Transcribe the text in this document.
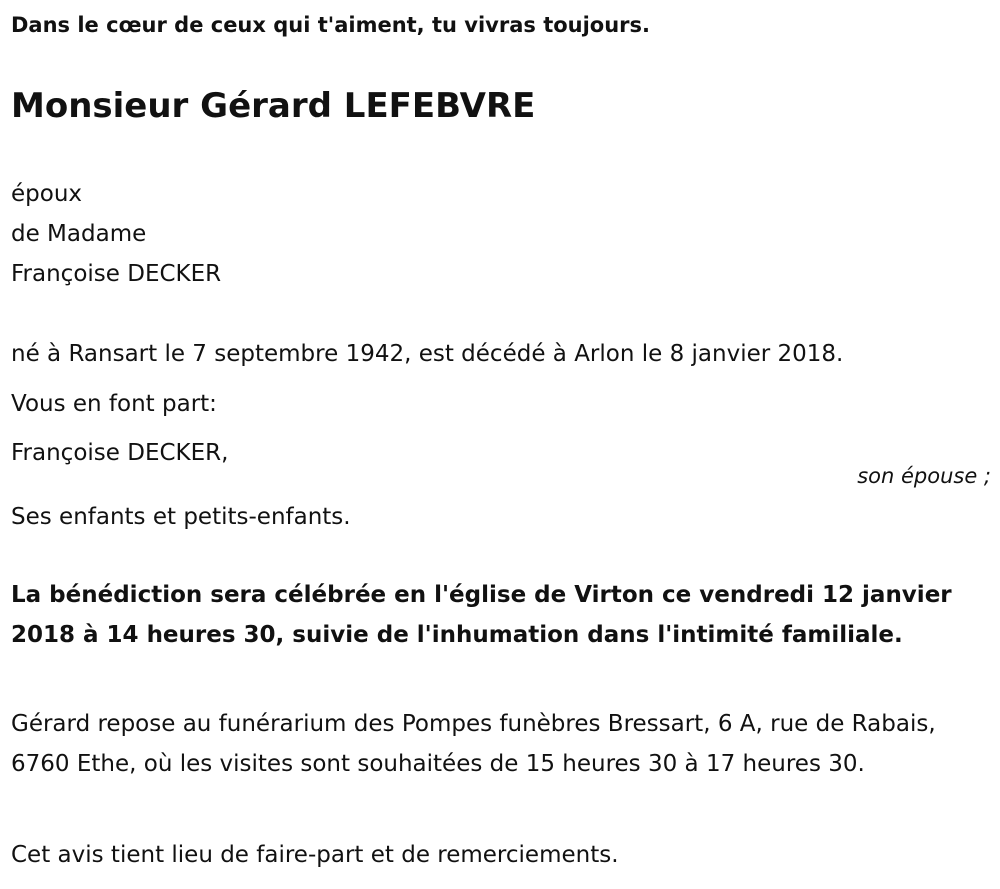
Dans le cœur de ceux qui t'aiment, tu vivras toujours.
Monsieur Gérard LEFEBVRE
époux
de Madame
Françoise DECKER
né à Ransart le 7 septembre 1942, est décédé à Arlon le 8 janvier 2018.
Vous en font part:
Françoise DECKER,
son épouse ;
Ses enfants et petits-enfants.
La bénédiction sera célébrée en l'église de Virton ce vendredi 12 janvier 2018 à 14 heures 30, suivie de l'inhumation dans l'intimité familiale.
Gérard repose au funérarium des Pompes funèbres Bressart, 6 A, rue de Rabais, 6760 Ethe, où les visites sont souhaitées de 15 heures 30 à 17 heures 30.
Cet avis tient lieu de faire-part et de remerciements.
